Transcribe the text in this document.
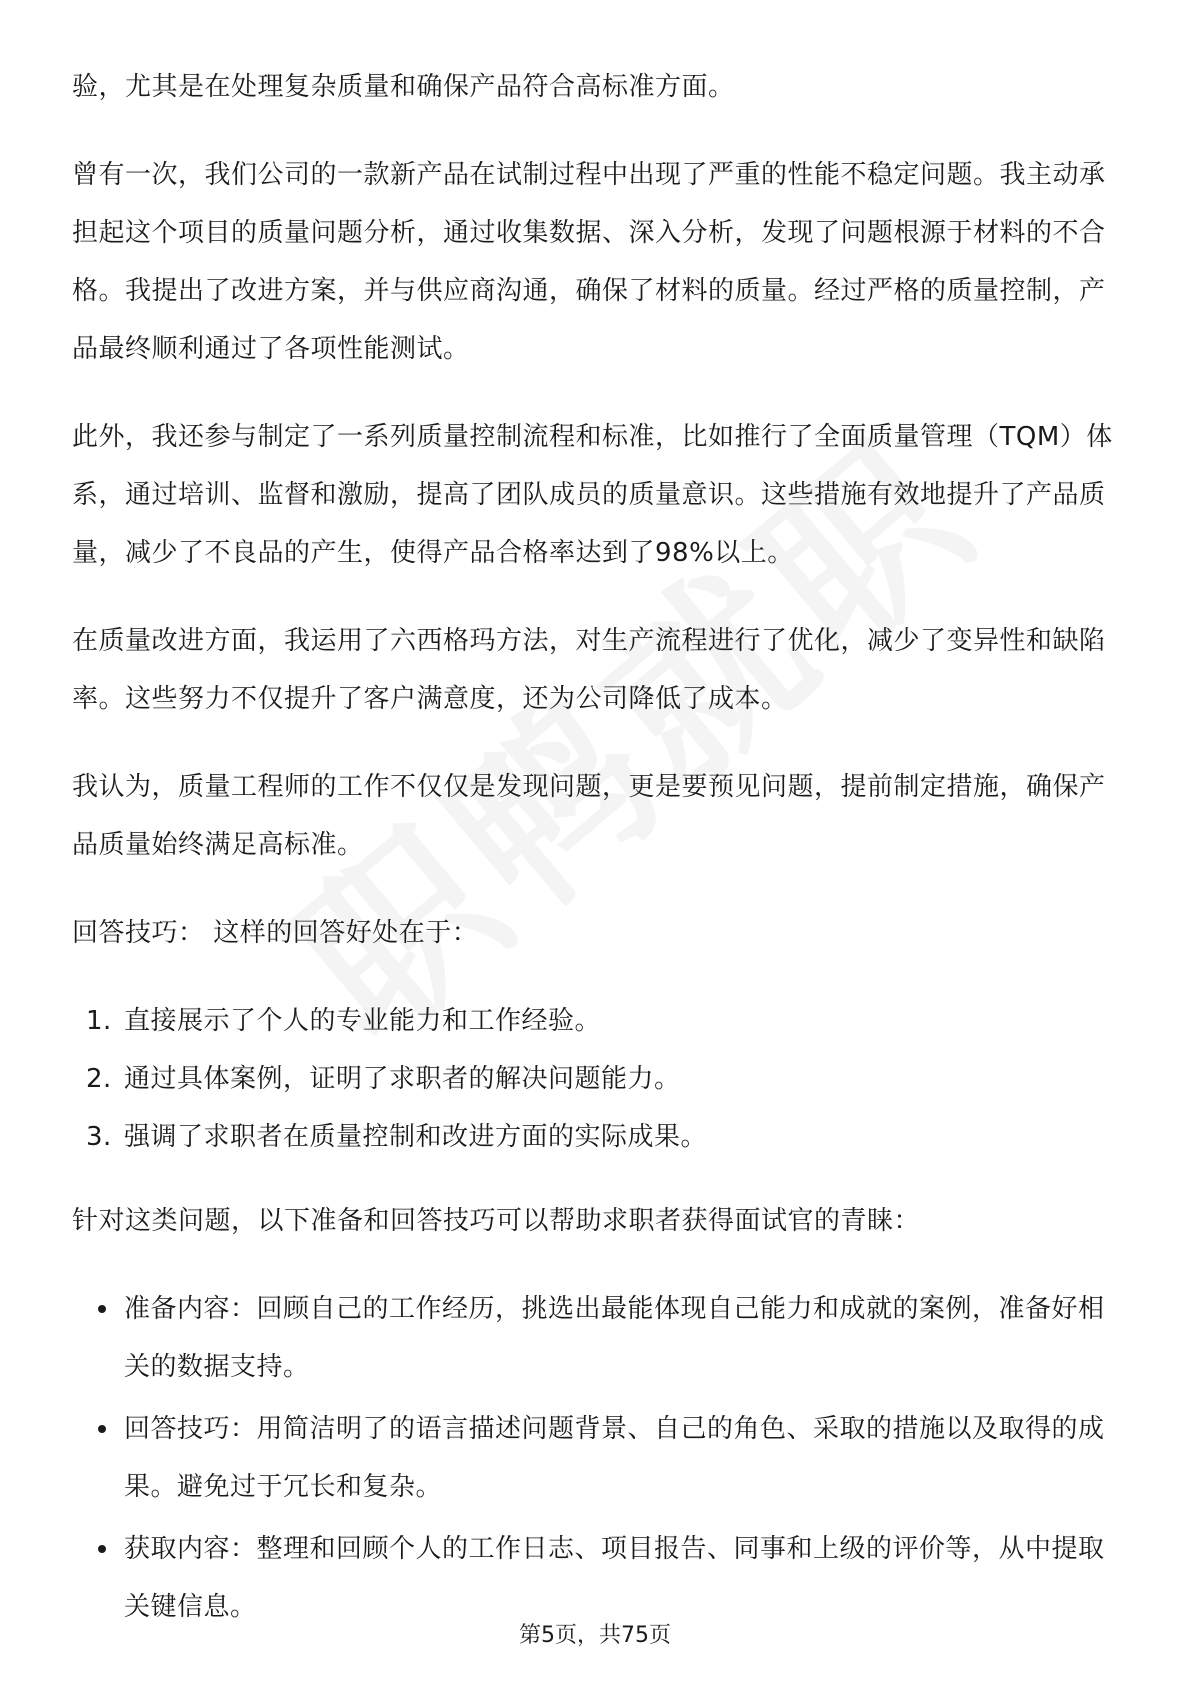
验，尤其是在处理复杂质量和确保产品符合高标准方面。

曾有一次，我们公司的一款新产品在试制过程中出现了严重的性能不稳定问题。我主动承担起这个项目的质量问题分析，通过收集数据、深入分析，发现了问题根源于材料的不合格。我提出了改进方案，并与供应商沟通，确保了材料的质量。经过严格的质量控制，产品最终顺利通过了各项性能测试。

此外，我还参与制定了一系列质量控制流程和标准，比如推行了全面质量管理（TQM）体系，通过培训、监督和激励，提高了团队成员的质量意识。这些措施有效地提升了产品质量，减少了不良品的产生，使得产品合格率达到了98%以上。

在质量改进方面，我运用了六西格玛方法，对生产流程进行了优化，减少了变异性和缺陷率。这些努力不仅提升了客户满意度，还为公司降低了成本。

我认为，质量工程师的工作不仅仅是发现问题，更是要预见问题，提前制定措施，确保产品质量始终满足高标准。

回答技巧： 这样的回答好处在于：

1. 直接展示了个人的专业能力和工作经验。
2. 通过具体案例，证明了求职者的解决问题能力。
3. 强调了求职者在质量控制和改进方面的实际成果。

针对这类问题，以下准备和回答技巧可以帮助求职者获得面试官的青睐：

准备内容：回顾自己的工作经历，挑选出最能体现自己能力和成就的案例，准备好相关的数据支持。
回答技巧：用简洁明了的语言描述问题背景、自己的角色、采取的措施以及取得的成果。避免过于冗长和复杂。
获取内容：整理和回顾个人的工作日志、项目报告、同事和上级的评价等，从中提取关键信息。
第5页，共75页
